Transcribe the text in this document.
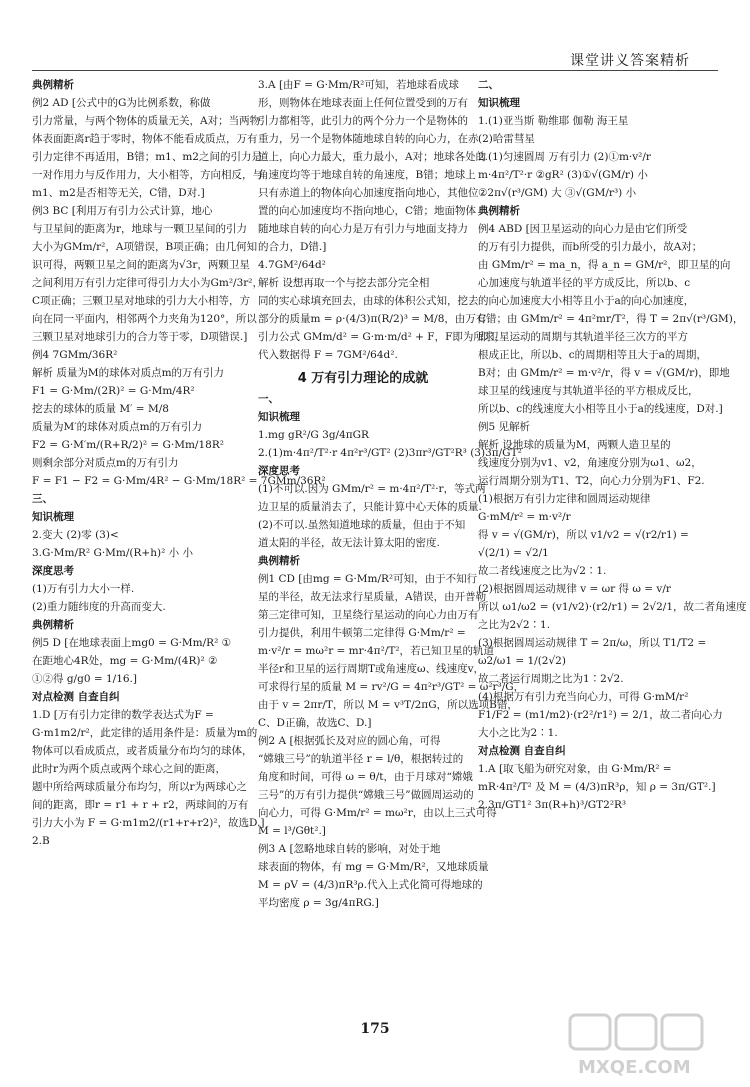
课堂讲义答案精析
典例精析
例2 AD [公式中的G为比例系数，称做
引力常量，与两个物体的质量无关，A对；当两物
体表面距离r趋于零时，物体不能看成质点，万有
引力定律不再适用，B错；m1、m2之间的引力是
一对作用力与反作用力，大小相等，方向相反，与
m1、m2是否相等无关，C错，D对.]
例3 BC [利用万有引力公式计算，地心
与卫星间的距离为r，地球与一颗卫星间的引力
大小为GMm/r²，A项错误，B项正确；由几何知
识可得，两颗卫星之间的距离为√3r，两颗卫星
之间利用万有引力定律可得引力大小为Gm²/3r²，
C项正确；三颗卫星对地球的引力大小相等，方
向在同一平面内，相邻两个力夹角为120°，所以
三颗卫星对地球引力的合力等于零，D项错误.]
例4 7GMm/36R²
解析 质量为M的球体对质点m的万有引力
F1 = G·Mm/(2R)² = G·Mm/4R²
挖去的球体的质量 M′ = M/8
质量为M′的球体对质点m的万有引力
F2 = G·M′m/(R+R/2)² = G·Mm/18R²
则剩余部分对质点m的万有引力
F = F1 − F2 = G·Mm/4R² − G·Mm/18R² = 7GMm/36R²
三、
知识梳理
2.变大 (2)零 (3)<
3.G·Mm/R² G·Mm/(R+h)² 小 小
深度思考
(1)万有引力大小一样.
(2)重力随纬度的升高而变大.
典例精析
例5 D [在地球表面上mg0 = G·Mm/R² ①
在距地心4R处，mg = G·Mm/(4R)² ②
①②得 g/g0 = 1/16.]
对点检测 自查自纠
1.D [万有引力定律的数学表达式为F =
G·m1m2/r²，此定律的适用条件是：质量为m的
物体可以看成质点，或者质量分布均匀的球体，
此时r为两个质点或两个球心之间的距离，
题中所给两球质量分布均匀，所以r为两球心之
间的距离，即r = r1 + r + r2，两球间的万有
引力大小为 F = G·m1m2/(r1+r+r2)²，故选D.]
2.B
3.A [由F = G·Mm/R²可知，若地球看成球
形，则物体在地球表面上任何位置受到的万有
引力都相等，此引力的两个分力一个是物体的
重力，另一个是物体随地球自转的向心力，在赤
道上，向心力最大，重力最小，A对；地球各处的
角速度均等于地球自转的角速度，B错；地球上
只有赤道上的物体向心加速度指向地心，其他位
置的向心加速度均不指向地心，C错；地面物体
随地球自转的向心力是万有引力与地面支持力
的合力，D错.]
4.7GM²/64d²
解析 设想再取一个与挖去部分完全相
同的实心球填充回去，由球的体积公式知，挖去
部分的质量m = ρ·(4/3)π(R/2)³ = M/8，由万有
引力公式 GMm/d² = G·m·m/d² + F，F即为所求，
代入数据得 F = 7GM²/64d².
4 万有引力理论的成就
一、
知识梳理
1.mg gR²/G 3g/4πGR
2.(1)m·4π²/T²·r 4π²r³/GT² (2)3πr³/GT²R³ (3)3π/GT²
深度思考
(1)不可以.因为 GMm/r² = m·4π²/T²·r，等式两
边卫星的质量消去了，只能计算中心天体的质量.
(2)不可以.虽然知道地球的质量，但由于不知
道太阳的半径，故无法计算太阳的密度.
典例精析
例1 CD [由mg = G·Mm/R²可知，由于不知行
星的半径，故无法求行星质量，A错误，由开普勒
第三定律可知，卫星绕行星运动的向心力由万有
引力提供，利用牛顿第二定律得 G·Mm/r² =
m·v²/r = mω²r = mr·4π²/T²，若已知卫星的轨道
半径r和卫星的运行周期T或角速度ω、线速度v，
可求得行星的质量 M = rv²/G = 4π²r³/GT² = ω²r³/G，
由于 v = 2πr/T，所以 M = v³T/2πG，所以选项B错，
C、D正确，故选C、D.]
例2 A [根据弧长及对应的圆心角，可得
“嫦娥三号”的轨道半径 r = l/θ，根据转过的
角度和时间，可得 ω = θ/t，由于月球对“嫦娥
三号”的万有引力提供“嫦娥三号”做圆周运动的
向心力，可得 G·Mm/r² = mω²r，由以上三式可得
M = l³/Gθt².]
例3 A [忽略地球自转的影响，对处于地
球表面的物体，有 mg = G·Mm/R²，又地球质量
M = ρV = (4/3)πR³ρ.代入上式化简可得地球的
平均密度 ρ = 3g/4πRG.]
二、
知识梳理
1.(1)亚当斯 勒维耶 伽勒 海王星
(2)哈雷彗星
2.(1)匀速圆周 万有引力 (2)①m·v²/r
m·4π²/T²·r ②gR² (3)①√(GM/r) 小
②2π√(r³/GM) 大 ③√(GM/r³) 小
典例精析
例4 ABD [因卫星运动的向心力是由它们所受
的万有引力提供，而b所受的引力最小，故A对；
由 GMm/r² = ma_n，得 a_n = GM/r²，即卫星的向
心加速度与轨道半径的平方成反比，所以b、c
的向心加速度大小相等且小于a的向心加速度，
C错；由 GMm/r² = 4π²mr/T²，得 T = 2π√(r³/GM)，
即卫星运动的周期与其轨道半径三次方的平方
根成正比，所以b、c的周期相等且大于a的周期，
B对；由 GMm/r² = m·v²/r，得 v = √(GM/r)，即地
球卫星的线速度与其轨道半径的平方根成反比，
所以b、c的线速度大小相等且小于a的线速度，D对.]
例5 见解析
解析 设地球的质量为M，两颗人造卫星的
线速度分别为v1、v2，角速度分别为ω1、ω2，
运行周期分别为T1、T2，向心力分别为F1、F2.
(1)根据万有引力定律和圆周运动规律
G·mM/r² = m·v²/r
得 v = √(GM/r)，所以 v1/v2 = √(r2/r1) =
√(2/1) = √2/1
故二者线速度之比为√2∶1.
(2)根据圆周运动规律 v = ωr 得 ω = v/r
所以 ω1/ω2 = (v1/v2)·(r2/r1) = 2√2/1，故二者角速度
之比为2√2∶1.
(3)根据圆周运动规律 T = 2π/ω，所以 T1/T2 =
ω2/ω1 = 1/(2√2)
故二者运行周期之比为1∶2√2.
(4)根据万有引力充当向心力，可得 G·mM/r²
F1/F2 = (m1/m2)·(r2²/r1²) = 2/1，故二者向心力
大小之比为2∶1.
对点检测 自查自纠
1.A [取飞船为研究对象，由 G·Mm/R² =
mR·4π²/T² 及 M = (4/3)πR³ρ，知 ρ = 3π/GT².]
2.3π/GT1² 3π(R+h)³/GT2²R³
175
MXQE.COM
